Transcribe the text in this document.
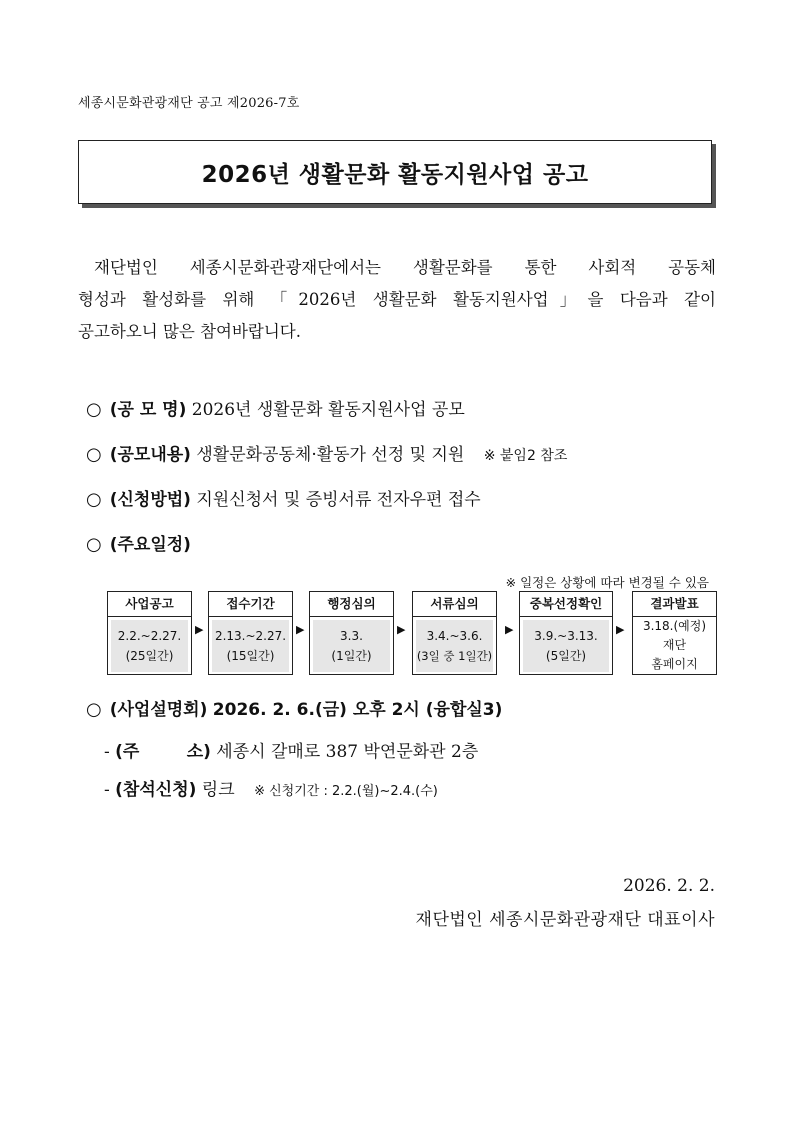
세종시문화관광재단 공고 제2026-7호
2026년 생활문화 활동지원사업 공고
재단법인 세종시문화관광재단에서는 생활문화를 통한 사회적 공동체
형성과 활성화를 위해 「2026년 생활문화 활동지원사업」을 다음과 같이
공고하오니 많은 참여바랍니다.
○ (공 모 명) 2026년 생활문화 활동지원사업 공모
○ (공모내용) 생활문화공동체·활동가 선정 및 지원 ※ 붙임2 참조
○ (신청방법) 지원신청서 및 증빙서류 전자우편 접수
○ (주요일정)
※ 일정은 상황에 따라 변경될 수 있음
사업공고
2.2.~2.27.
(25일간)
▶
접수기간
2.13.~2.27.
(15일간)
▶
행정심의
3.3.
(1일간)
▶
서류심의
3.4.~3.6.
(3일 중 1일간)
▶
중복선정확인
3.9.~3.13.
(5일간)
▶
결과발표
3.18.(예정)
재단
홈페이지
○ (사업설명회) 2026. 2. 6.(금) 오후 2시 (융합실3)
- (주        소) 세종시 갈매로 387 박연문화관 2층
- (참석신청) 링크 ※ 신청기간 : 2.2.(월)~2.4.(수)
2026. 2. 2.
재단법인 세종시문화관광재단 대표이사
